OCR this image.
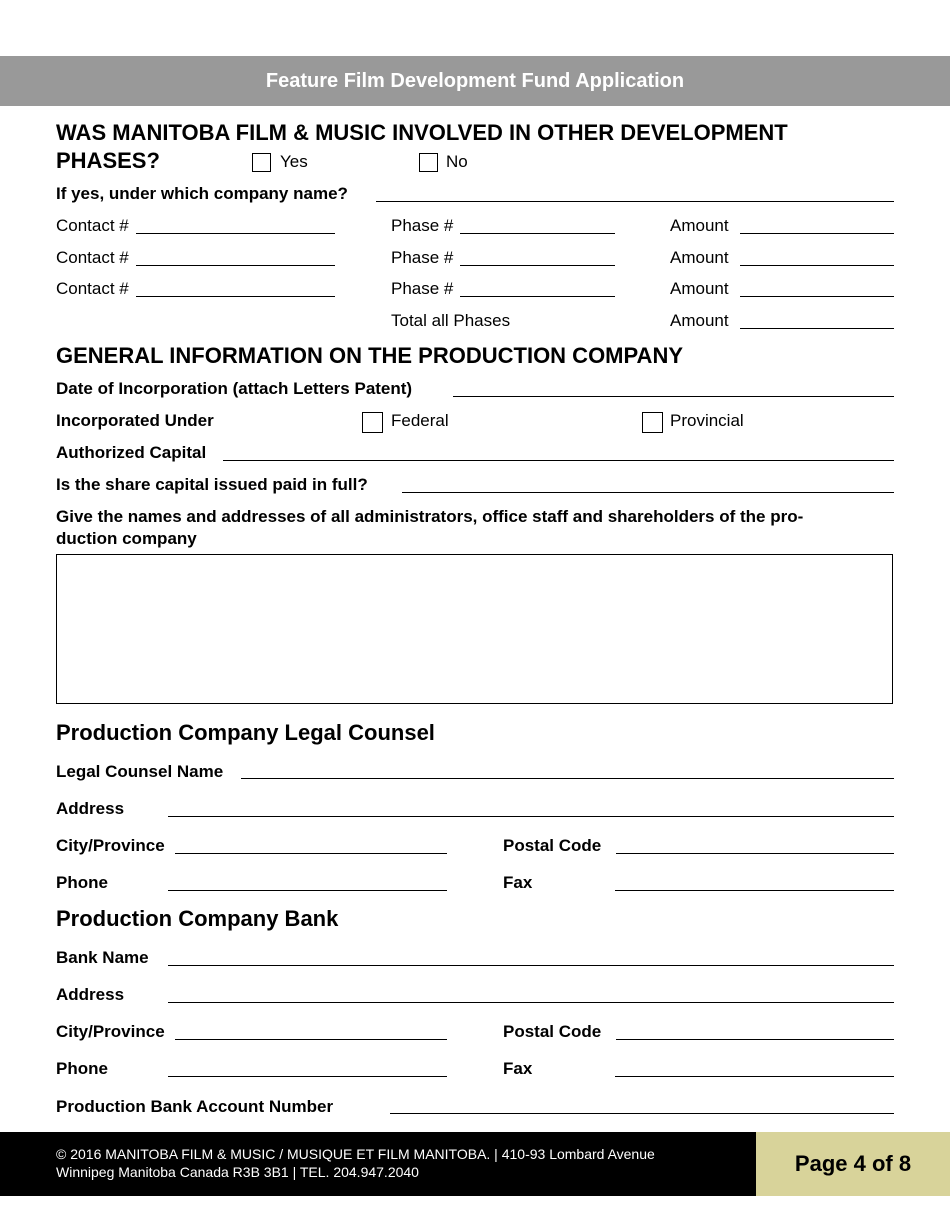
Feature Film Development Fund Application
WAS MANITOBA FILM & MUSIC INVOLVED IN OTHER DEVELOPMENT
PHASES?	Yes	No
If yes, under which company name?
Contact #	Phase #	Amount
Contact #	Phase #	Amount
Contact #	Phase #	Amount
Total all Phases	Amount
GENERAL INFORMATION ON THE PRODUCTION COMPANY
Date of Incorporation (attach Letters Patent)
Incorporated Under	Federal	Provincial
Authorized Capital
Is the share capital issued paid in full?
Give the names and addresses of all administrators, office staff and shareholders of the pro-
duction company
Production Company Legal Counsel
Legal Counsel Name
Address
City/Province	Postal Code
Phone	Fax
Production Company Bank
Bank Name
Address
City/Province	Postal Code
Phone	Fax
Production Bank Account Number
© 2016 MANITOBA FILM & MUSIC / MUSIQUE ET FILM MANITOBA. | 410-93 Lombard Avenue
Winnipeg Manitoba Canada R3B 3B1 | TEL. 204.947.2040	Page 4 of 8
